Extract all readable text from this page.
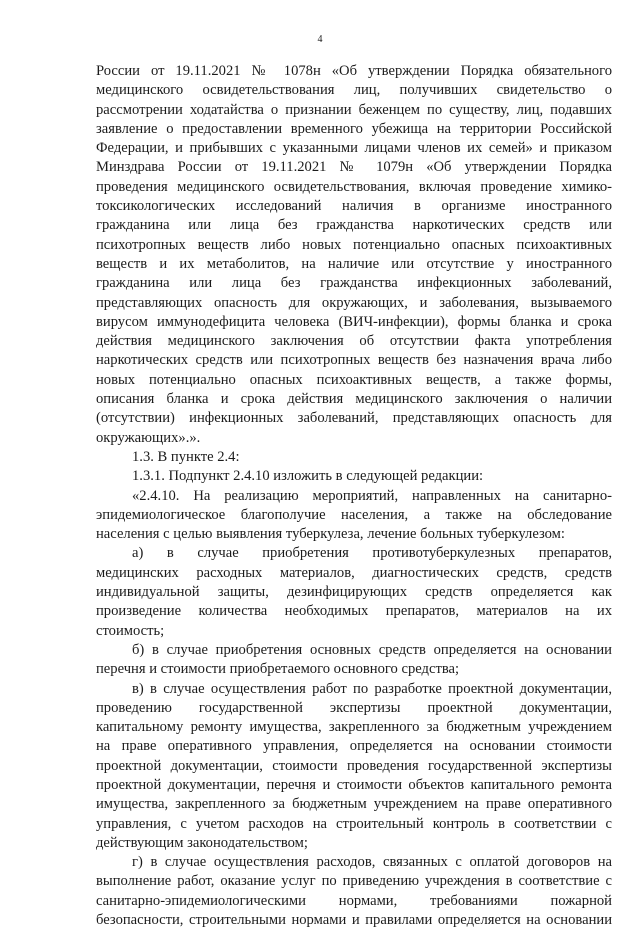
4
России от 19.11.2021 № 1078н «Об утверждении Порядка обязательного
медицинского освидетельствования лиц, получивших свидетельство о
рассмотрении ходатайства о признании беженцем по существу, лиц, подавших
заявление о предоставлении временного убежища на территории Российской
Федерации, и прибывших с указанными лицами членов их семей» и приказом
Минздрава России от 19.11.2021 № 1079н «Об утверждении Порядка
проведения медицинского освидетельствования, включая проведение химико-
токсикологических исследований наличия в организме иностранного
гражданина или лица без гражданства наркотических средств или
психотропных веществ либо новых потенциально опасных психоактивных
веществ и их метаболитов, на наличие или отсутствие у иностранного
гражданина или лица без гражданства инфекционных заболеваний,
представляющих опасность для окружающих, и заболевания, вызываемого
вирусом иммунодефицита человека (ВИЧ-инфекции), формы бланка и срока
действия медицинского заключения об отсутствии факта употребления
наркотических средств или психотропных веществ без назначения врача либо
новых потенциально опасных психоактивных веществ, а также формы,
описания бланка и срока действия медицинского заключения о наличии
(отсутствии) инфекционных заболеваний, представляющих опасность для
окружающих».».
1.3. В пункте 2.4:
1.3.1. Подпункт 2.4.10 изложить в следующей редакции:
«2.4.10. На реализацию мероприятий, направленных на санитарно-
эпидемиологическое благополучие населения, а также на обследование
населения с целью выявления туберкулеза, лечение больных туберкулезом:
а) в случае приобретения противотуберкулезных препаратов,
медицинских расходных материалов, диагностических средств, средств
индивидуальной защиты, дезинфицирующих средств определяется как
произведение количества необходимых препаратов, материалов на их
стоимость;
б) в случае приобретения основных средств определяется на основании
перечня и стоимости приобретаемого основного средства;
в) в случае осуществления работ по разработке проектной документации,
проведению государственной экспертизы проектной документации,
капитальному ремонту имущества, закрепленного за бюджетным учреждением
на праве оперативного управления, определяется на основании стоимости
проектной документации, стоимости проведения государственной экспертизы
проектной документации, перечня и стоимости объектов капитального ремонта
имущества, закрепленного за бюджетным учреждением на праве оперативного
управления, с учетом расходов на строительный контроль в соответствии с
действующим законодательством;
г) в случае осуществления расходов, связанных с оплатой договоров на
выполнение работ, оказание услуг по приведению учреждения в соответствие с
санитарно-эпидемиологическими нормами, требованиями пожарной
безопасности, строительными нормами и правилами определяется на основании
